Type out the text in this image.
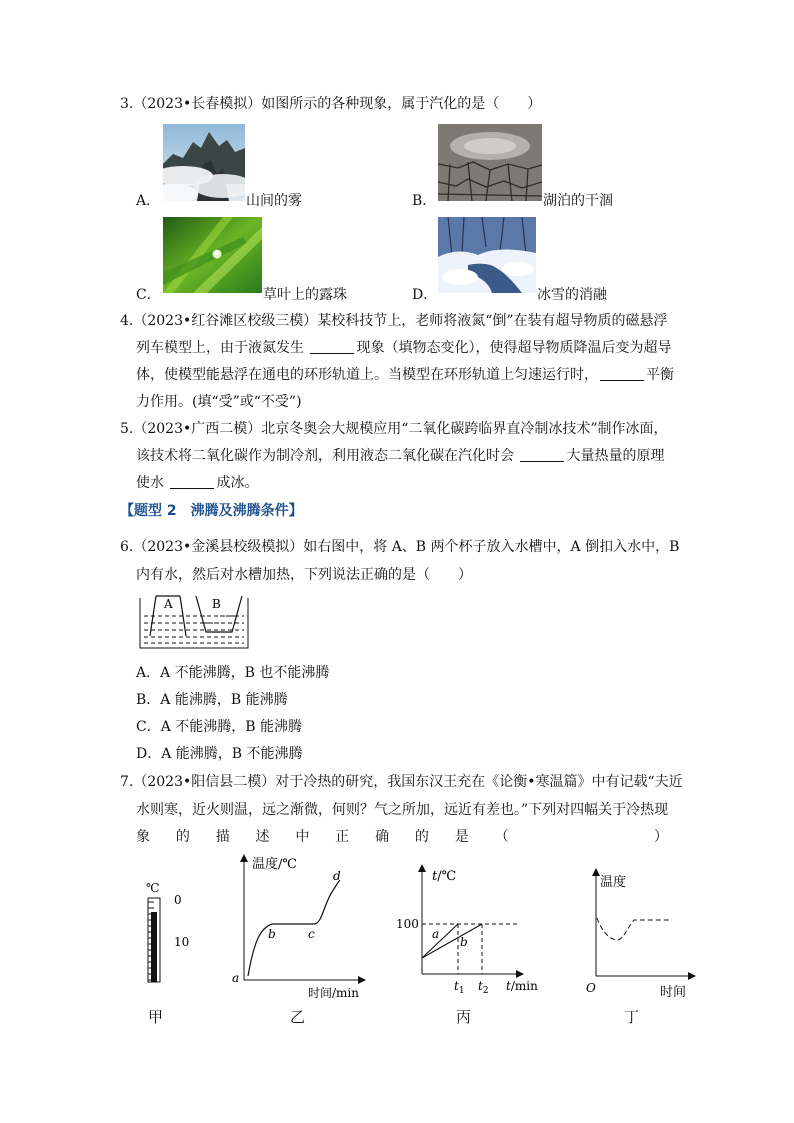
3.（2023•长春模拟）如图所示的各种现象，属于汽化的是（　　）
A．	山间的雾	B．	湖泊的干涸
C．	草叶上的露珠	D．	冰雪的消融
4.（2023•红谷滩区校级三模）某校科技节上，老师将液氮“倒”在装有超导物质的磁悬浮
列车模型上，由于液氮发生	现象（填物态变化），使得超导物质降温后变为超导
体，使模型能悬浮在通电的环形轨道上。当模型在环形轨道上匀速运行时，	平衡
力作用。(填“受”或“不受”)
5.（2023•广西二模）北京冬奥会大规模应用“二氧化碳跨临界直冷制冰技术”制作冰面，
该技术将二氧化碳作为制冷剂，利用液态二氧化碳在汽化时会	大量热量的原理
使水	成冰。
【题型 2　沸腾及沸腾条件】
6.（2023•金溪县校级模拟）如右图中，将 A、B 两个杯子放入水槽中，A 倒扣入水中，B
内有水，然后对水槽加热，下列说法正确的是（　　）
A	B
A．A 不能沸腾，B 也不能沸腾
B．A 能沸腾，B 能沸腾
C．A 不能沸腾，B 能沸腾
D．A 能沸腾，B 不能沸腾
7.（2023•阳信县二模）对于冷热的研究，我国东汉王充在《论衡•寒温篇》中有记载“夫近
水则寒，近火则温，远之渐微，何则？气之所加，远近有差也。”下列对四幅关于冷热现
象 的 描 述 中 正 确 的 是 （

　	）
℃
0
10
甲
温度/℃
a
b	c
d
时间/min
乙
t/℃
100
a
b
$t_1$ $t_2$ t/min
丙
温度
O	时间
丁
